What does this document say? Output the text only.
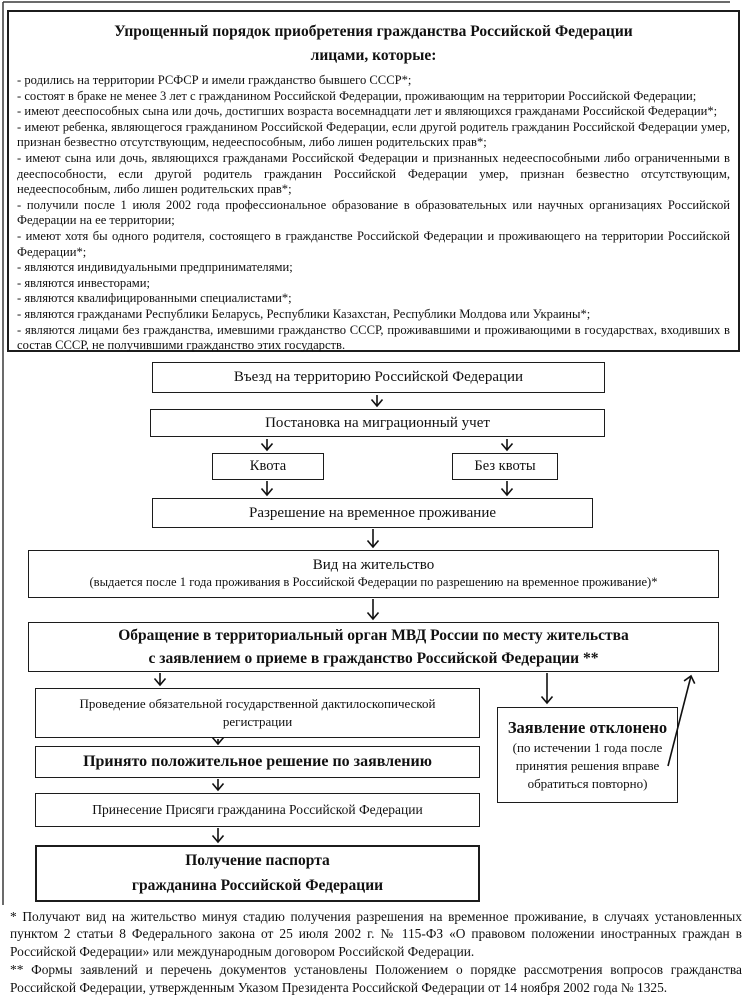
Упрощенный порядок приобретения гражданства Российской Федерации
лицами, которые:
- родились на территории РСФСР и имели гражданство бывшего СССР*;
- состоят в браке не менее 3 лет с гражданином Российской Федерации, проживающим на территории Российской Федерации;
- имеют дееспособных сына или дочь, достигших возраста восемнадцати лет и являющихся гражданами Российской Федерации*;
- имеют ребенка, являющегося гражданином Российской Федерации, если другой родитель гражданин Российской Федерации умер, признан безвестно отсутствующим, недееспособным, либо лишен родительских прав*;
- имеют сына или дочь, являющихся гражданами Российской Федерации и признанных недееспособными либо ограниченными в дееспособности, если другой родитель гражданин Российской Федерации умер, признан безвестно отсутствующим, недееспособным, либо лишен родительских прав*;
- получили после 1 июля 2002 года профессиональное образование в образовательных или научных организациях Российской Федерации на ее территории;
- имеют хотя бы одного родителя, состоящего в гражданстве Российской Федерации и проживающего на территории Российской Федерации*;
- являются индивидуальными предпринимателями;
- являются инвесторами;
- являются квалифицированными специалистами*;
- являются гражданами Республики Беларусь, Республики Казахстан, Республики Молдова или Украины*;
- являются лицами без гражданства, имевшими гражданство СССР, проживавшими и проживающими в государствах, входивших в состав СССР, не получившими гражданство этих государств.
Въезд на территорию Российской Федерации
Постановка на миграционный учет
Квота	Без квоты
Разрешение на временное проживание
Вид на жительство
(выдается после 1 года проживания в Российской Федерации по разрешению на временное проживание)*
Обращение в территориальный орган МВД России по месту жительства
с заявлением о приеме в гражданство Российской Федерации **
Проведение обязательной государственной дактилоскопической регистрации
Принято положительное решение по заявлению
Принесение Присяги гражданина Российской Федерации
Получение паспорта
гражданина Российской Федерации
Заявление отклонено
(по истечении 1 года после принятия решения вправе обратиться повторно)

* Получают вид на жительство минуя стадию получения разрешения на временное проживание, в случаях установленных пунктом 2 статьи 8 Федерального закона от 25 июля 2002 г. № 115-ФЗ «О правовом положении иностранных граждан в Российской Федерации» или международным договором Российской Федерации.

** Формы заявлений и перечень документов установлены Положением о порядке рассмотрения вопросов гражданства Российской Федерации, утвержденным Указом Президента Российской Федерации от 14 ноября 2002 года № 1325.
